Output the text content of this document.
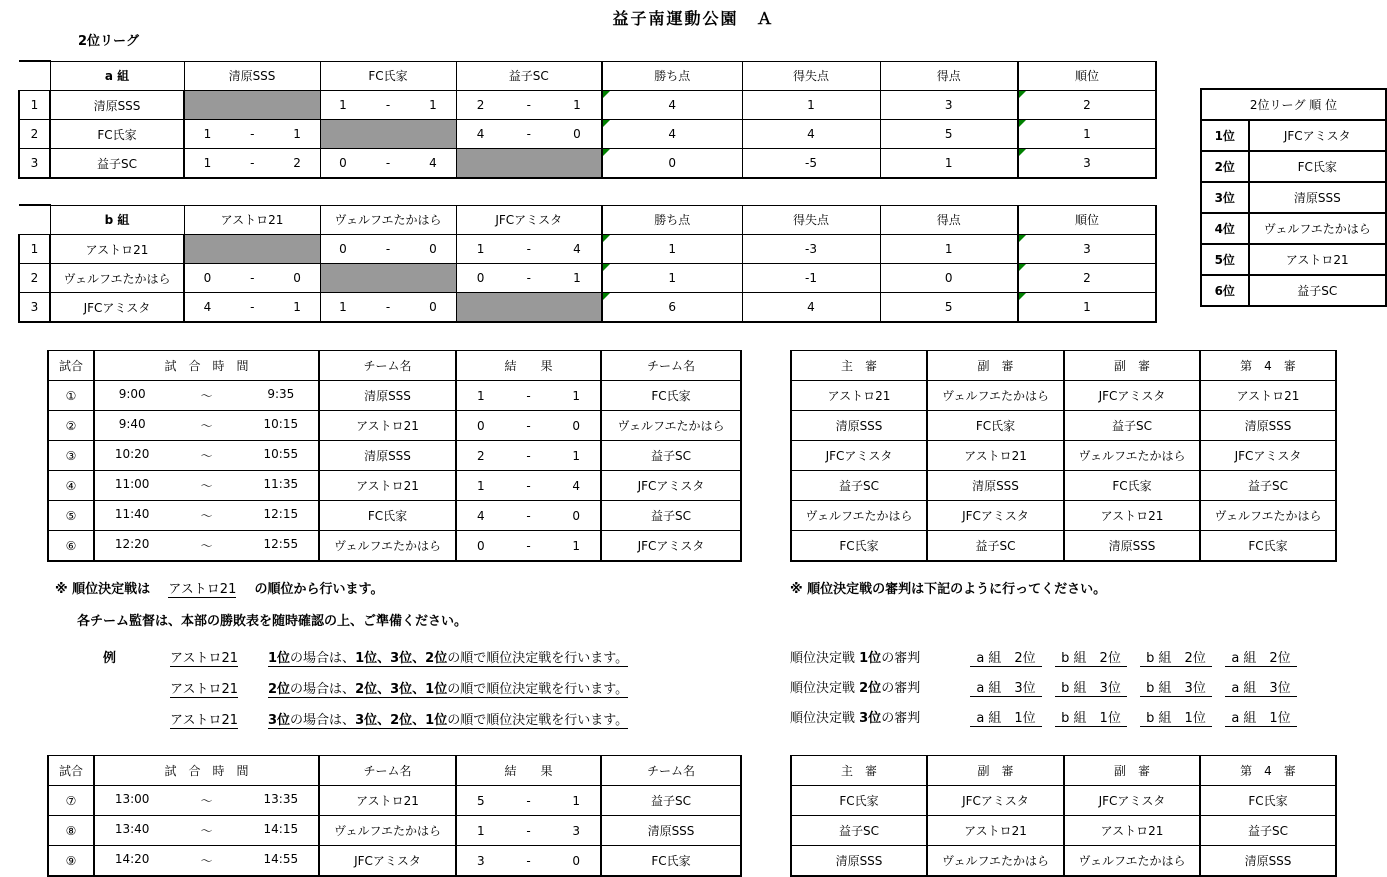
益子南運動公園　Ａ
2位リーグ
	a 組	清原SSS	FC氏家	益子SC	勝ち点	得失点	得点	順位
1	清原SSS		1 - 1	2 - 1	4	1	3	2

2	FC氏家	1 - 1		4 - 0	4	4	5	1

3	益子SC	1 - 2	0 - 4		0	-5	1	3
	b 組	アストロ21	ヴェルフエたかはら	JFCアミスタ	勝ち点	得失点	得点	順位
1	アストロ21		0 - 0	1 - 4	1	-3	1	3

2	ヴェルフエたかはら	0 - 0		0 - 1	1	-1	0	2

3	JFCアミスタ	4 - 1	1 - 0		6	4	5	1
2位リーグ 順 位	
1位	JFCアミスタ
2位	FC氏家
3位	清原SSS
4位	ヴェルフエたかはら
5位	アストロ21
6位	益子SC
試合	試　合　時　間	チーム名	結　　果	チーム名
①	9:00 ～ 9:35	清原SSS	1 - 1	FC氏家
②	9:40 ～ 10:15	アストロ21	0 - 0	ヴェルフエたかはら
③	10:20 ～ 10:55	清原SSS	2 - 1	益子SC
④	11:00 ～ 11:35	アストロ21	1 - 4	JFCアミスタ
⑤	11:40 ～ 12:15	FC氏家	4 - 0	益子SC
⑥	12:20 ～ 12:55	ヴェルフエたかはら	0 - 1	JFCアミスタ
主　審	副　審	副　審	第　4　審
アストロ21	ヴェルフエたかはら	JFCアミスタ	アストロ21
清原SSS	FC氏家	益子SC	清原SSS
JFCアミスタ	アストロ21	ヴェルフエたかはら	JFCアミスタ
益子SC	清原SSS	FC氏家	益子SC
ヴェルフエたかはら	JFCアミスタ	アストロ21	ヴェルフエたかはら
FC氏家	益子SC	清原SSS	FC氏家
試合	試　合　時　間	チーム名	結　　果	チーム名
⑦	13:00 ～ 13:35	アストロ21	5 - 1	益子SC
⑧	13:40 ～ 14:15	ヴェルフエたかはら	1 - 3	清原SSS
⑨	14:20 ～ 14:55	JFCアミスタ	3 - 0	FC氏家
主　審	副　審	副　審	第　4　審
FC氏家	JFCアミスタ	JFCアミスタ	FC氏家
益子SC	アストロ21	アストロ21	益子SC
清原SSS	ヴェルフエたかはら	ヴェルフエたかはら	清原SSS
※ 順位決定戦は アストロ21 の順位から行います。
各チーム監督は、本部の勝敗表を随時確認の上、ご準備ください。
例	アストロ21 1位の場合は、1位、3位、2位の順で順位決定戦を行います。
アストロ21 2位の場合は、2位、3位、1位の順で順位決定戦を行います。
アストロ21 3位の場合は、3位、2位、1位の順で順位決定戦を行います。
※ 順位決定戦の審判は下記のように行ってください。
順位決定戦 1位の審判	a 組　2位	b 組　2位	b 組　2位	a 組　2位
順位決定戦 2位の審判	a 組　3位	b 組　3位	b 組　3位	a 組　3位
順位決定戦 3位の審判	a 組　1位	b 組　1位	b 組　1位	a 組　1位
